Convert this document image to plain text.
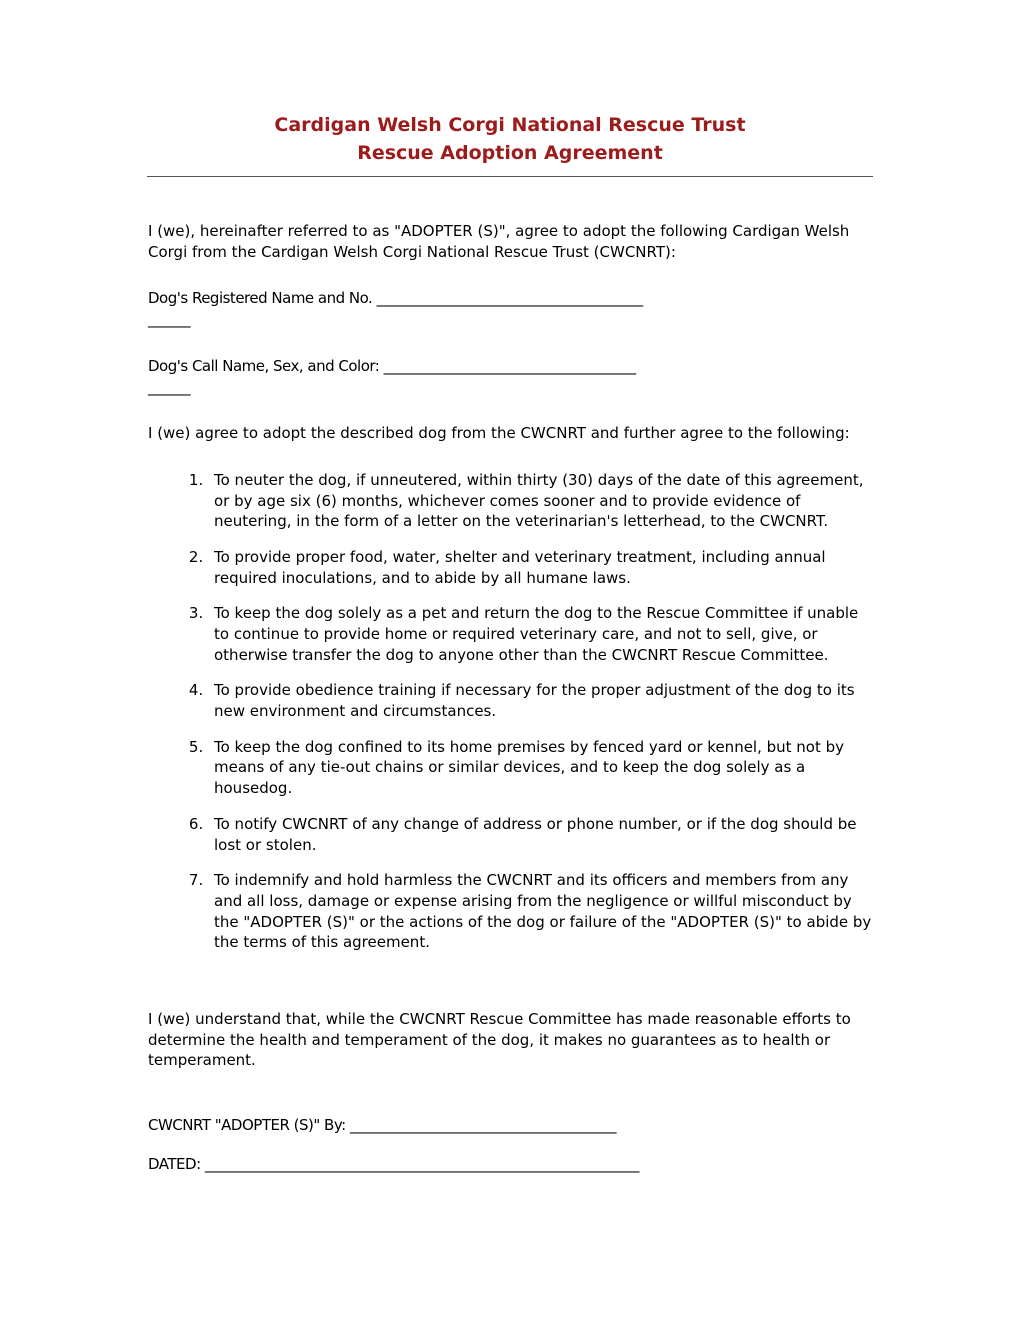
Cardigan Welsh Corgi National Rescue Trust
Rescue Adoption Agreement

I (we), hereinafter referred to as "ADOPTER (S)", agree to adopt the following Cardigan Welsh Corgi from the Cardigan Welsh Corgi National Rescue Trust (CWCNRT):

Dog's Registered Name and No. ______________________________________

______

Dog's Call Name, Sex, and Color: ____________________________________

______

I (we) agree to adopt the described dog from the CWCNRT and further agree to the following:

1. To neuter the dog, if unneutered, within thirty (30) days of the date of this agreement, or by age six (6) months, whichever comes sooner and to provide evidence of neutering, in the form of a letter on the veterinarian's letterhead, to the CWCNRT.
2. To provide proper food, water, shelter and veterinary treatment, including annual required inoculations, and to abide by all humane laws.
3. To keep the dog solely as a pet and return the dog to the Rescue Committee if unable to continue to provide home or required veterinary care, and not to sell, give, or otherwise transfer the dog to anyone other than the CWCNRT Rescue Committee.
4. To provide obedience training if necessary for the proper adjustment of the dog to its new environment and circumstances.
5. To keep the dog confined to its home premises by fenced yard or kennel, but not by means of any tie-out chains or similar devices, and to keep the dog solely as a housedog.
6. To notify CWCNRT of any change of address or phone number, or if the dog should be lost or stolen.
7. To indemnify and hold harmless the CWCNRT and its officers and members from any and all loss, damage or expense arising from the negligence or willful misconduct by the "ADOPTER (S)" or the actions of the dog or failure of the "ADOPTER (S)" to abide by the terms of this agreement.

I (we) understand that, while the CWCNRT Rescue Committee has made reasonable efforts to determine the health and temperament of the dog, it makes no guarantees as to health or temperament.

CWCNRT "ADOPTER (S)" By: ______________________________________

DATED: ______________________________________________________________
